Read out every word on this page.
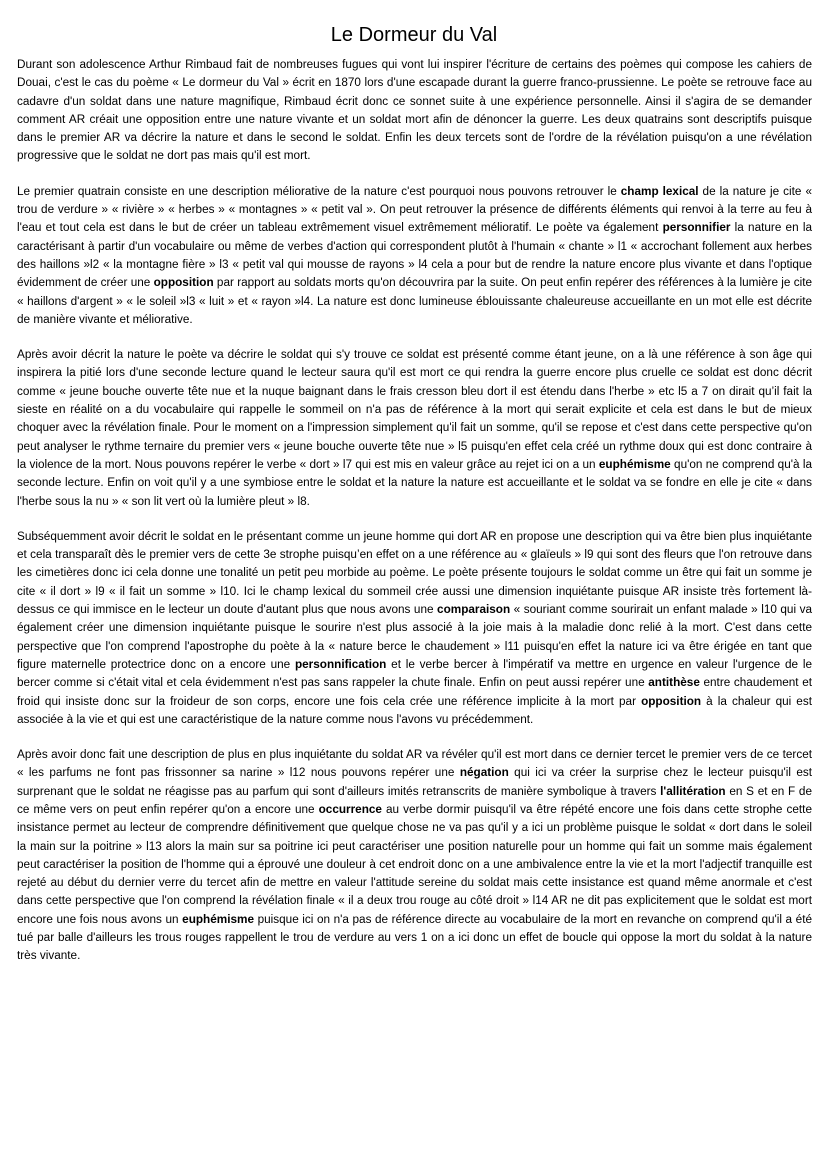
Le Dormeur du Val

Durant son adolescence Arthur Rimbaud fait de nombreuses fugues qui vont lui inspirer l'écriture de certains des poèmes qui compose les cahiers de Douai, c'est le cas du poème « Le dormeur du Val » écrit en 1870 lors d'une escapade durant la guerre franco-prussienne. Le poète se retrouve face au cadavre d'un soldat dans une nature magnifique, Rimbaud écrit donc ce sonnet suite à une expérience personnelle. Ainsi il s'agira de se demander comment AR créait une opposition entre une nature vivante et un soldat mort afin de dénoncer la guerre. Les deux quatrains sont descriptifs puisque dans le premier AR va décrire la nature et dans le second le soldat. Enfin les deux tercets sont de l'ordre de la révélation puisqu'on a une révélation progressive que le soldat ne dort pas mais qu'il est mort.

Le premier quatrain consiste en une description méliorative de la nature c'est pourquoi nous pouvons retrouver le champ lexical de la nature je cite « trou de verdure » « rivière » « herbes » « montagnes » « petit val ». On peut retrouver la présence de différents éléments qui renvoi à la terre au feu à l'eau et tout cela est dans le but de créer un tableau extrêmement visuel extrêmement mélioratif. Le poète va également personnifier la nature en la caractérisant à partir d'un vocabulaire ou même de verbes d'action qui correspondent plutôt à l'humain « chante » l1 « accrochant follement aux herbes des haillons »l2 « la montagne fière » l3 « petit val qui mousse de rayons » l4 cela a pour but de rendre la nature encore plus vivante et dans l'optique évidemment de créer une opposition par rapport au soldats morts qu'on découvrira par la suite. On peut enfin repérer des références à la lumière je cite « haillons d'argent » « le soleil »l3 « luit » et « rayon »l4. La nature est donc lumineuse éblouissante chaleureuse accueillante en un mot elle est décrite de manière vivante et méliorative.

Après avoir décrit la nature le poète va décrire le soldat qui s'y trouve ce soldat est présenté comme étant jeune, on a là une référence à son âge qui inspirera la pitié lors d'une seconde lecture quand le lecteur saura qu'il est mort ce qui rendra la guerre encore plus cruelle ce soldat est donc décrit comme « jeune bouche ouverte tête nue et la nuque baignant dans le frais cresson bleu dort il est étendu dans l'herbe » etc l5 a 7 on dirait qu’il fait la sieste en réalité on a du vocabulaire qui rappelle le sommeil on n'a pas de référence à la mort qui serait explicite et cela est dans le but de mieux choquer avec la révélation finale. Pour le moment on a l'impression simplement qu'il fait un somme, qu'il se repose et c'est dans cette perspective qu'on peut analyser le rythme ternaire du premier vers « jeune bouche ouverte tête nue » l5 puisqu'en effet cela créé un rythme doux qui est donc contraire à la violence de la mort. Nous pouvons repérer le verbe « dort » l7 qui est mis en valeur grâce au rejet ici on a un euphémisme qu'on ne comprend qu'à la seconde lecture. Enfin on voit qu'il y a une symbiose entre le soldat et la nature la nature est accueillante et le soldat va se fondre en elle je cite « dans l'herbe sous la nu » « son lit vert où la lumière pleut » l8.

Subséquemment avoir décrit le soldat en le présentant comme un jeune homme qui dort AR en propose une description qui va être bien plus inquiétante et cela transparaît dès le premier vers de cette 3e strophe puisqu’en effet on a une référence au « glaïeuls » l9 qui sont des fleurs que l'on retrouve dans les cimetières donc ici cela donne une tonalité un petit peu morbide au poème. Le poète présente toujours le soldat comme un être qui fait un somme je cite « il dort » l9 « il fait un somme » l10. Ici le champ lexical du sommeil crée aussi une dimension inquiétante puisque AR insiste très fortement là-dessus ce qui immisce en le lecteur un doute d'autant plus que nous avons une comparaison « souriant comme sourirait un enfant malade » l10 qui va également créer une dimension inquiétante puisque le sourire n'est plus associé à la joie mais à la maladie donc relié à la mort. C'est dans cette perspective que l'on comprend l'apostrophe du poète à la « nature berce le chaudement » l11 puisqu'en effet la nature ici va être érigée en tant que figure maternelle protectrice donc on a encore une personnification et le verbe bercer à l'impératif va mettre en urgence en valeur l'urgence de le bercer comme si c'était vital et cela évidemment n'est pas sans rappeler la chute finale. Enfin on peut aussi repérer une antithèse entre chaudement et froid qui insiste donc sur la froideur de son corps, encore une fois cela crée une référence implicite à la mort par opposition à la chaleur qui est associée à la vie et qui est une caractéristique de la nature comme nous l'avons vu précédemment.

Après avoir donc fait une description de plus en plus inquiétante du soldat AR va révéler qu'il est mort dans ce dernier tercet le premier vers de ce tercet « les parfums ne font pas frissonner sa narine » l12 nous pouvons repérer une négation qui ici va créer la surprise chez le lecteur puisqu'il est surprenant que le soldat ne réagisse pas au parfum qui sont d'ailleurs imités retranscrits de manière symbolique à travers l'allitération en S et en F de ce même vers on peut enfin repérer qu'on a encore une occurrence au verbe dormir puisqu'il va être répété encore une fois dans cette strophe cette insistance permet au lecteur de comprendre définitivement que quelque chose ne va pas qu'il y a ici un problème puisque le soldat « dort dans le soleil la main sur la poitrine » l13 alors la main sur sa poitrine ici peut caractériser une position naturelle pour un homme qui fait un somme mais également peut caractériser la position de l'homme qui a éprouvé une douleur à cet endroit donc on a une ambivalence entre la vie et la mort l'adjectif tranquille est rejeté au début du dernier verre du tercet afin de mettre en valeur l'attitude sereine du soldat mais cette insistance est quand même anormale et c'est dans cette perspective que l'on comprend la révélation finale « il a deux trou rouge au côté droit » l14 AR ne dit pas explicitement que le soldat est mort encore une fois nous avons un euphémisme puisque ici on n'a pas de référence directe au vocabulaire de la mort en revanche on comprend qu'il a été tué par balle d'ailleurs les trous rouges rappellent le trou de verdure au vers 1 on a ici donc un effet de boucle qui oppose la mort du soldat à la nature très vivante.
